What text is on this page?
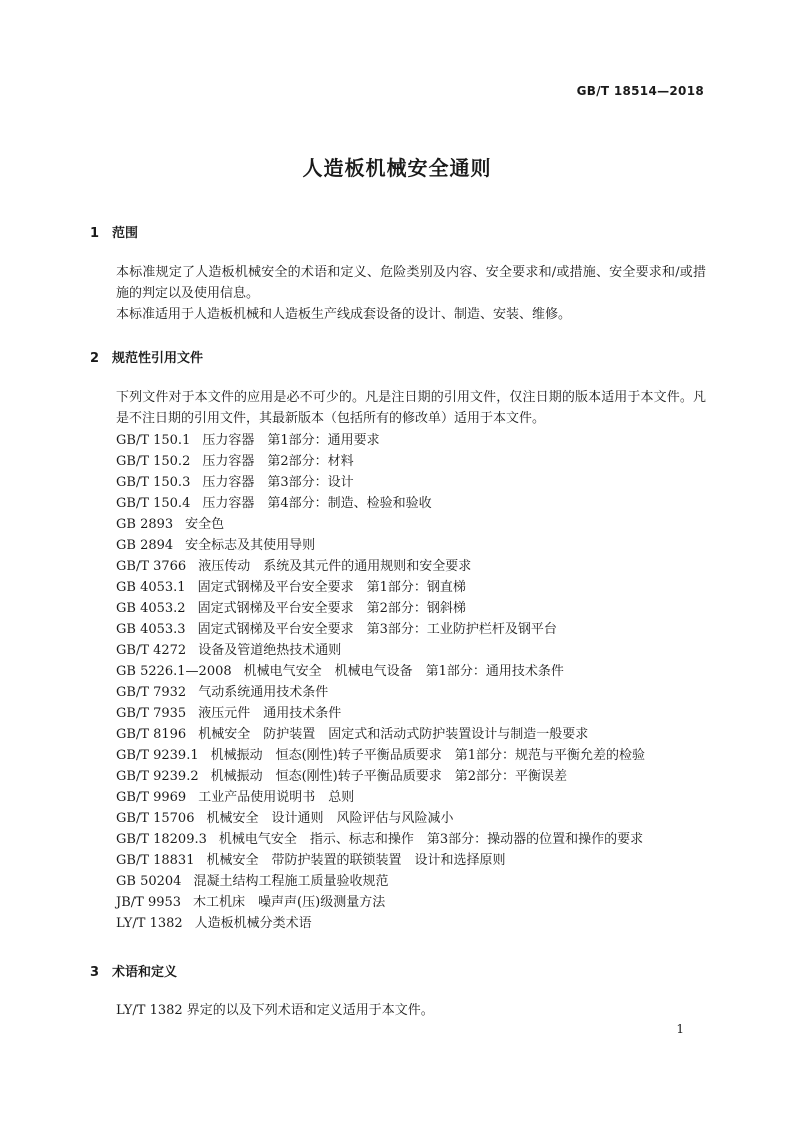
GB/T 18514—2018
人造板机械安全通则
1 范围
本标准规定了人造板机械安全的术语和定义、危险类别及内容、安全要求和/或措施、安全要求和/或措施的判定以及使用信息。
本标准适用于人造板机械和人造板生产线成套设备的设计、制造、安装、维修。
2 规范性引用文件
下列文件对于本文件的应用是必不可少的。凡是注日期的引用文件，仅注日期的版本适用于本文件。凡是不注日期的引用文件，其最新版本（包括所有的修改单）适用于本文件。
GB/T 150.1 压力容器　第1部分：通用要求
GB/T 150.2 压力容器　第2部分：材料
GB/T 150.3 压力容器　第3部分：设计
GB/T 150.4 压力容器　第4部分：制造、检验和验收
GB 2893 安全色
GB 2894 安全标志及其使用导则
GB/T 3766 液压传动　系统及其元件的通用规则和安全要求
GB 4053.1 固定式钢梯及平台安全要求　第1部分：钢直梯
GB 4053.2 固定式钢梯及平台安全要求　第2部分：钢斜梯
GB 4053.3 固定式钢梯及平台安全要求　第3部分：工业防护栏杆及钢平台
GB/T 4272 设备及管道绝热技术通则
GB 5226.1—2008 机械电气安全　机械电气设备　第1部分：通用技术条件
GB/T 7932 气动系统通用技术条件
GB/T 7935 液压元件　通用技术条件
GB/T 8196 机械安全　防护装置　固定式和活动式防护装置设计与制造一般要求
GB/T 9239.1 机械振动　恒态(刚性)转子平衡品质要求　第1部分：规范与平衡允差的检验
GB/T 9239.2 机械振动　恒态(刚性)转子平衡品质要求　第2部分：平衡误差
GB/T 9969 工业产品使用说明书　总则
GB/T 15706 机械安全　设计通则　风险评估与风险减小
GB/T 18209.3 机械电气安全　指示、标志和操作　第3部分：操动器的位置和操作的要求
GB/T 18831 机械安全　带防护装置的联锁装置　设计和选择原则
GB 50204 混凝土结构工程施工质量验收规范
JB/T 9953 木工机床　噪声声(压)级测量方法
LY/T 1382 人造板机械分类术语
3 术语和定义
LY/T 1382 界定的以及下列术语和定义适用于本文件。
1
